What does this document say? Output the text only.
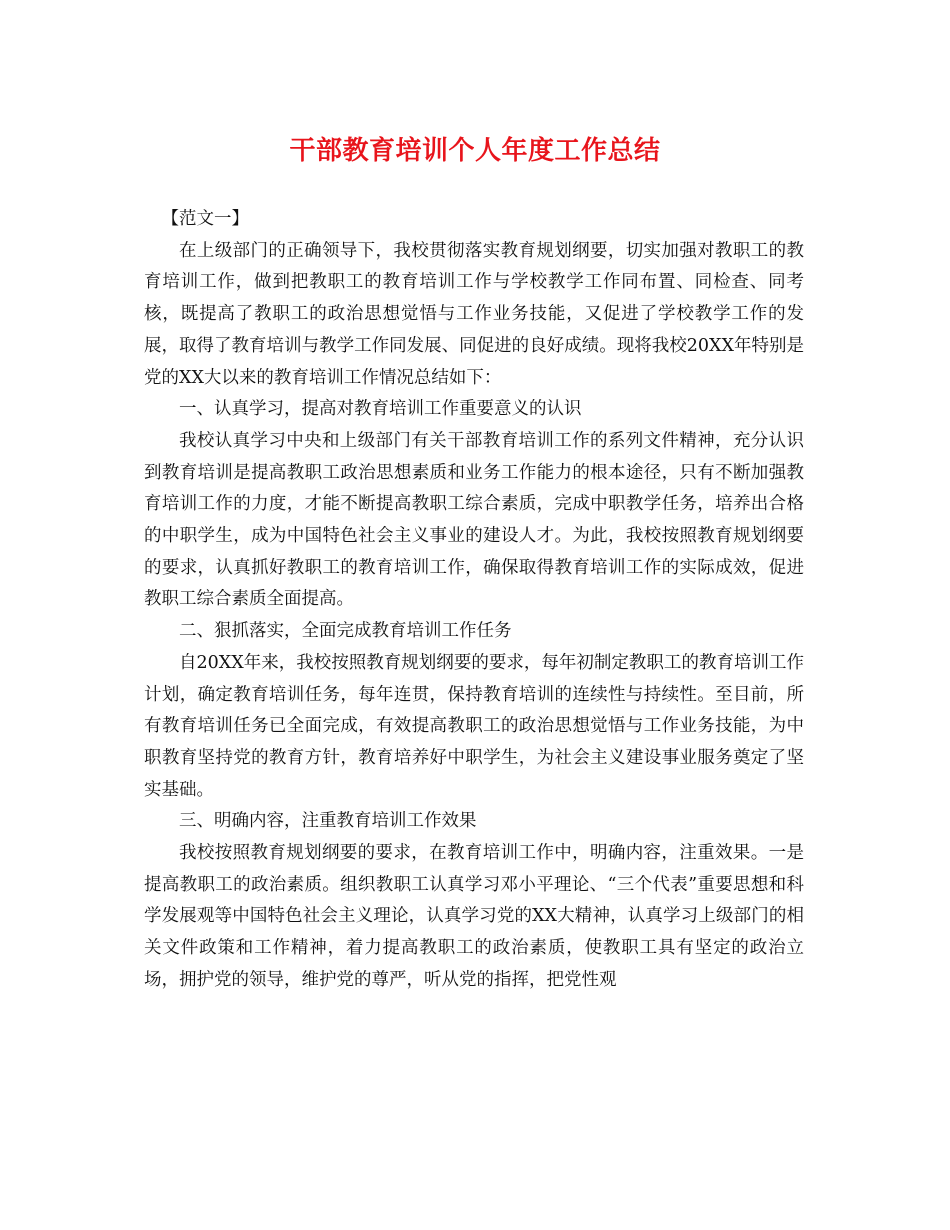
干部教育培训个人年度工作总结

【范文一】

在上级部门的正确领导下，我校贯彻落实教育规划纲要，切实加强对教职工的教育培训工作，做到把教职工的教育培训工作与学校教学工作同布置、同检查、同考核，既提高了教职工的政治思想觉悟与工作业务技能，又促进了学校教学工作的发展，取得了教育培训与教学工作同发展、同促进的良好成绩。现将我校20XX年特别是党的XX大以来的教育培训工作情况总结如下：

一、认真学习，提高对教育培训工作重要意义的认识

我校认真学习中央和上级部门有关干部教育培训工作的系列文件精神，充分认识到教育培训是提高教职工政治思想素质和业务工作能力的根本途径，只有不断加强教育培训工作的力度，才能不断提高教职工综合素质，完成中职教学任务，培养出合格的中职学生，成为中国特色社会主义事业的建设人才。为此，我校按照教育规划纲要的要求，认真抓好教职工的教育培训工作，确保取得教育培训工作的实际成效，促进教职工综合素质全面提高。

二、狠抓落实，全面完成教育培训工作任务

自20XX年来，我校按照教育规划纲要的要求，每年初制定教职工的教育培训工作计划，确定教育培训任务，每年连贯，保持教育培训的连续性与持续性。至目前，所有教育培训任务已全面完成，有效提高教职工的政治思想觉悟与工作业务技能，为中职教育坚持党的教育方针，教育培养好中职学生，为社会主义建设事业服务奠定了坚实基础。

三、明确内容，注重教育培训工作效果

我校按照教育规划纲要的要求，在教育培训工作中，明确内容，注重效果。一是提高教职工的政治素质。组织教职工认真学习邓小平理论、“三个代表”重要思想和科学发展观等中国特色社会主义理论，认真学习党的XX大精神，认真学习上级部门的相关文件政策和工作精神，着力提高教职工的政治素质，使教职工具有坚定的政治立场，拥护党的领导，维护党的尊严，听从党的指挥，把党性观
